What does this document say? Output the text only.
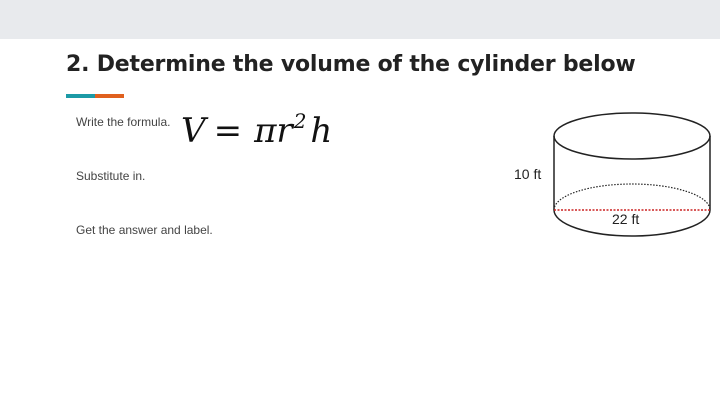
2. Determine the volume of the cylinder below
Write the formula.
Substitute in.
Get the answer and label.
$V = \pi r^2$ h
10 ft
22 ft
